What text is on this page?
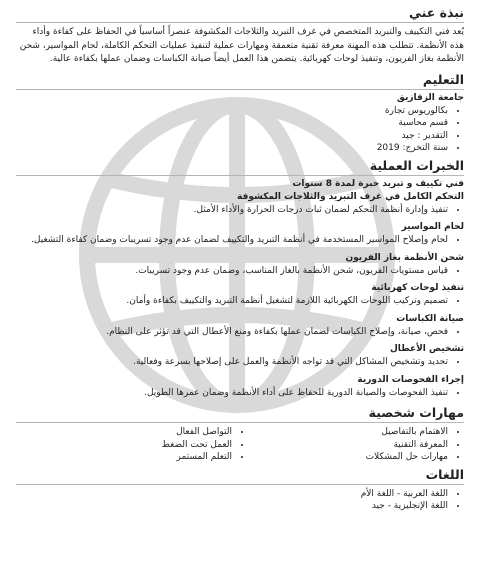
نبذة عني

يُعد فني التكييف والتبريد المتخصص في غرف التبريد والثلاجات المكشوفة عنصراً أساسياً في الحفاظ على كفاءة وأداء هذه الأنظمة. تتطلب هذه المهنة معرفة تقنية متعمقة ومهارات عملية لتنفيذ عمليات التحكم الكاملة، لحام المواسير، شحن الأنظمة بغاز الفريون، وتنفيذ لوحات كهربائية. يتضمن هذا العمل أيضاً صيانة الكباسات وضمان عملها بكفاءة عالية.

التعليم
جامعة الزقازيق
• بكالوريوس تجارة
• قسم محاسبة
• التقدير : جيد
• سنة التخرج: 2019
الخبرات العملية
فني تكييف و تبريد خبرة لمدة 8 سنوات
التحكم الكامل في غرف التبريد والثلاجات المكشوفة
• تنفيذ وإدارة أنظمة التحكم لضمان ثبات درجات الحرارة والأداء الأمثل.
لحام المواسير
• لحام وإصلاح المواسير المستخدمة في أنظمة التبريد والتكييف لضمان عدم وجود تسريبات وضمان كفاءة التشغيل.
شحن الأنظمة بغاز الفريون
• قياس مستويات الفريون، شحن الأنظمة بالغاز المناسب، وضمان عدم وجود تسريبات.
تنفيذ لوحات كهربائية
• تصميم وتركيب اللوحات الكهربائية اللازمة لتشغيل أنظمة التبريد والتكييف بكفاءة وأمان.
صيانة الكباسات
• فحص، صيانة، وإصلاح الكباسات لضمان عملها بكفاءة ومنع الأعطال التي قد تؤثر على النظام.
تشخيص الأعطال
• تحديد وتشخيص المشاكل التي قد تواجه الأنظمة والعمل على إصلاحها بسرعة وفعالية.
إجراء الفحوصات الدورية
• تنفيذ الفحوصات والصيانة الدورية للحفاظ على أداء الأنظمة وضمان عمرها الطويل.
مهارات شخصية
• الاهتمام بالتفاصيل
• المعرفة التقنية
• مهارات حل المشكلات
• التواصل الفعال
• العمل تحت الضغط
• التعلم المستمر
اللغات
• اللغة العربية - اللغة الأم
• اللغة الإنجليزية - جيد
